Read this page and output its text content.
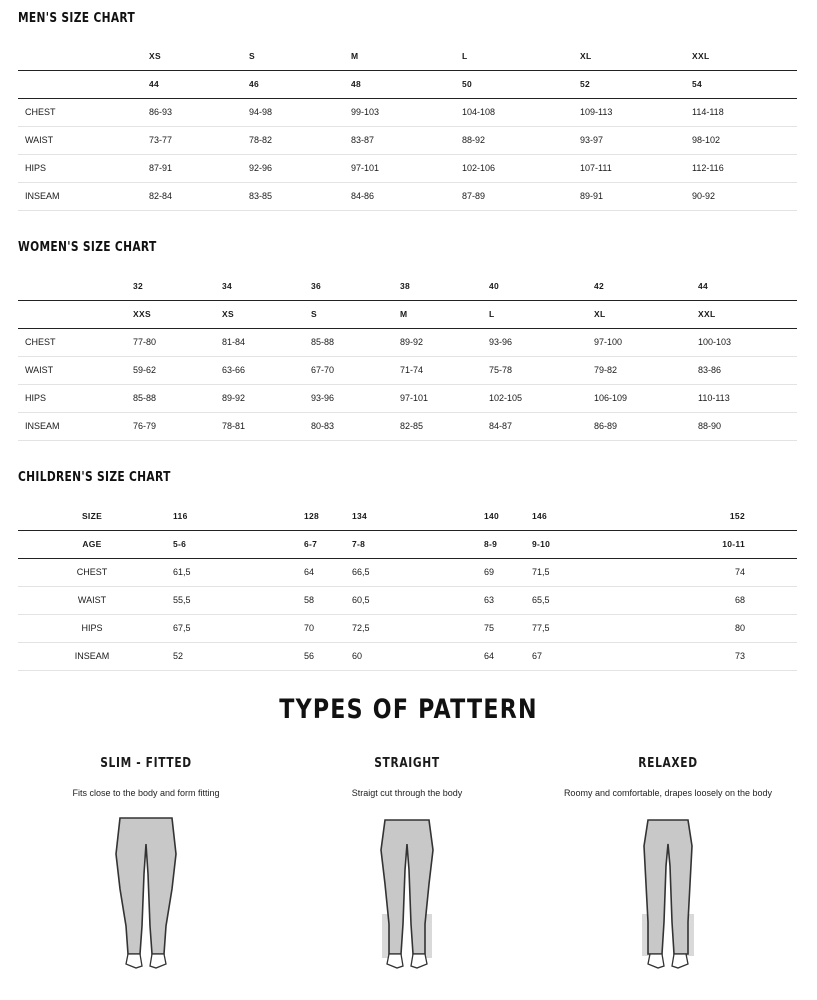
MEN'S SIZE CHART
	XS	S	M	L	XL	XXL
	44	46	48	50	52	54
CHEST	86-93	94-98	99-103	104-108	109-113	114-118
WAIST	73-77	78-82	83-87	88-92	93-97	98-102
HIPS	87-91	92-96	97-101	102-106	107-111	112-116
INSEAM	82-84	83-85	84-86	87-89	89-91	90-92
WOMEN'S SIZE CHART
	32	34	36	38	40	42	44
	XXS	XS	S	M	L	XL	XXL
CHEST	77-80	81-84	85-88	89-92	93-96	97-100	100-103
WAIST	59-62	63-66	67-70	71-74	75-78	79-82	83-86
HIPS	85-88	89-92	93-96	97-101	102-105	106-109	110-113
INSEAM	76-79	78-81	80-83	82-85	84-87	86-89	88-90
CHILDREN'S SIZE CHART
SIZE	116	128	134	140	146	152
AGE	5-6	6-7	7-8	8-9	9-10	10-11
CHEST	61,5	64	66,5	69	71,5	74
WAIST	55,5	58	60,5	63	65,5	68
HIPS	67,5	70	72,5	75	77,5	80
INSEAM	52	56	60	64	67	73
TYPES OF PATTERN
SLIM - FITTED
Fits close to the body and form fitting
STRAIGHT
Straigt cut through the body
RELAXED
Roomy and comfortable, drapes loosely on the body
